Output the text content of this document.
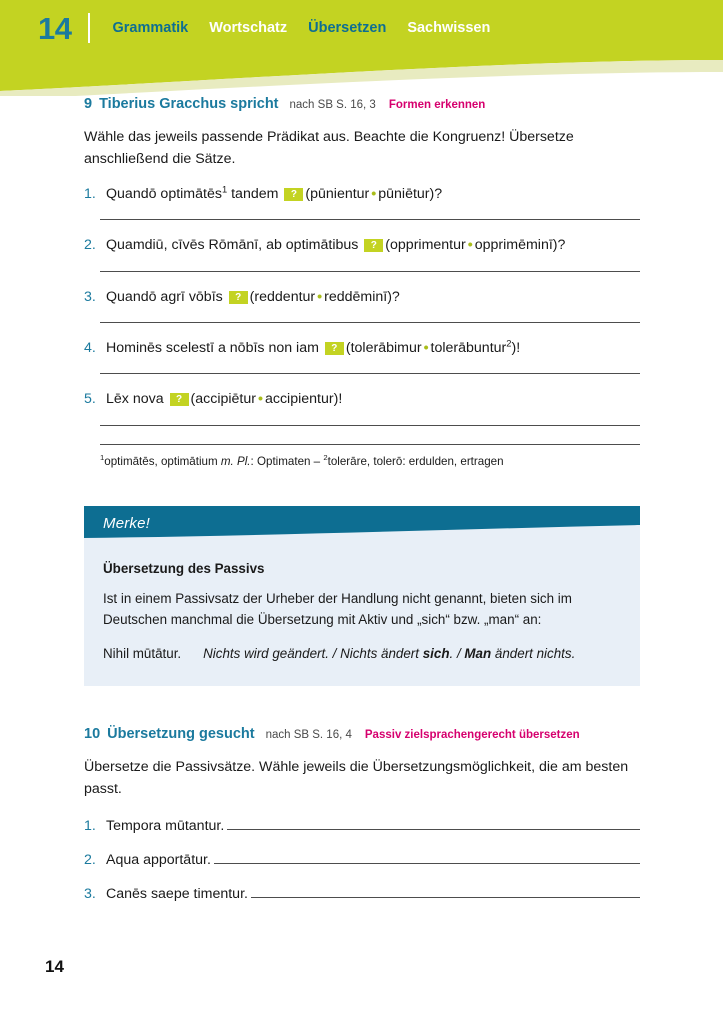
14	Grammatik Wortschatz Übersetzen Sachwissen
9 Tiberius Gracchus spricht nach SB S. 16, 3 Formen erkennen
Wähle das jeweils passende Prädikat aus. Beachte die Kongruenz! Übersetze anschließend die Sätze.
1. Quandō optimātēs$^1$ tandem ? (pūnientur • pūniētur)?
2. Quamdiū, cīvēs Rōmānī, ab optimātibus ? (opprimentur • opprimēminī)?
3. Quandō agrī vōbīs ? (reddentur • reddēminī)?
4. Hominēs scelestī a nōbīs non iam ? (tolerābimur • tolerābuntur$^2$)!
5. Lēx nova ? (accipiētur • accipientur)!
$^1$optimātēs, optimātium m. Pl.: Optimaten – $^2$tolerāre, tolerō: erdulden, ertragen
Merke!
Übersetzung des Passivs
Ist in einem Passivsatz der Urheber der Handlung nicht genannt, bieten sich im Deutschen manchmal die Übersetzung mit Aktiv und „sich“ bzw. „man“ an:
Nihil mūtātur. Nichts wird geändert. / Nichts ändert sich. / Man ändert nichts.
10 Übersetzung gesucht nach SB S. 16, 4 Passiv zielsprachengerecht übersetzen
Übersetze die Passivsätze. Wähle jeweils die Übersetzungsmöglichkeit, die am besten passt.
1. Tempora mūtantur.
2. Aqua apportātur.
3. Canēs saepe timentur.
14
